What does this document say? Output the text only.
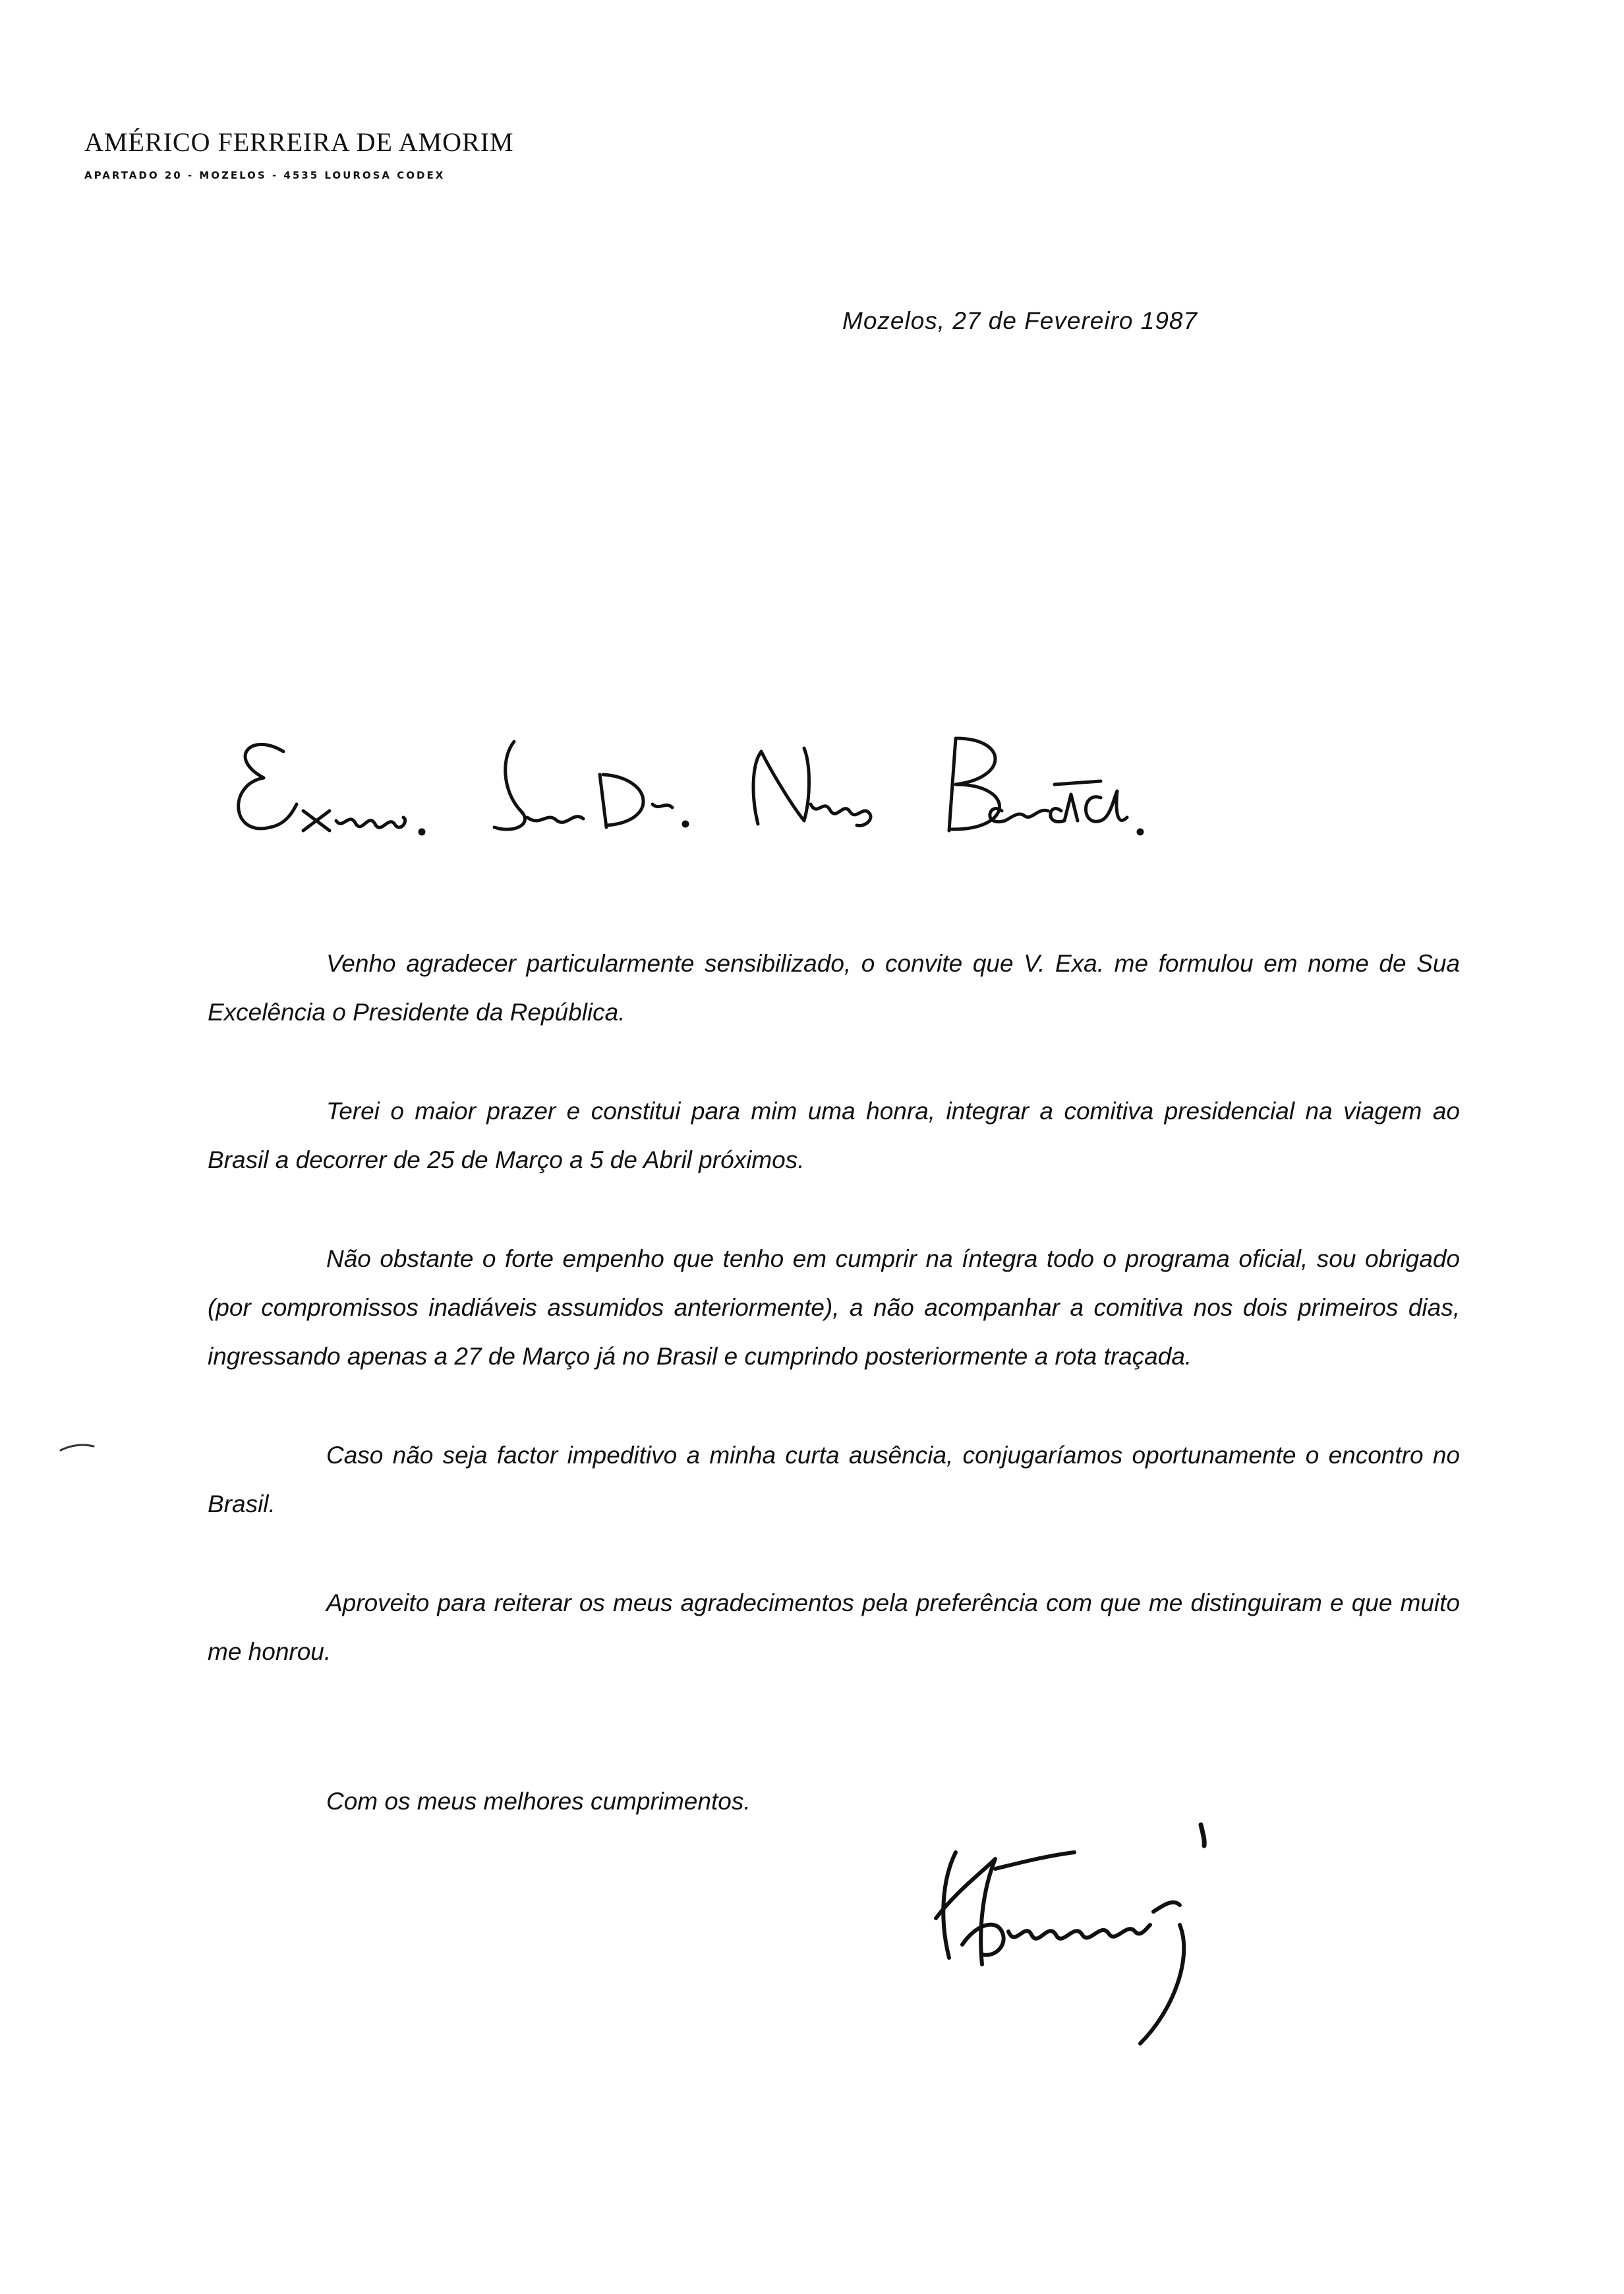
AMÉRICO FERREIRA DE AMORIM
APARTADO 20 - MOZELOS - 4535 LOUROSA CODEX
Mozelos, 27 de Fevereiro 1987

Venho agradecer particularmente sensibilizado, o convite que V. Exa. me formulou em nome de Sua Excelência o Presidente da República.

Terei o maior prazer e constitui para mim uma honra, integrar a comitiva presidencial na viagem ao Brasil a decorrer de 25 de Março a 5 de Abril próximos.

Não obstante o forte empenho que tenho em cumprir na íntegra todo o programa oficial, sou obrigado (por compromissos inadiáveis assumidos anteriormente), a não acompanhar a comitiva nos dois primeiros dias, ingressando apenas a 27 de Março já no Brasil e cumprindo posteriormente a rota traçada.

Caso não seja factor impeditivo a minha curta ausência, conjugaríamos oportunamente o encontro no Brasil.

Aproveito para reiterar os meus agradecimentos pela preferência com que me distinguiram e que muito me honrou.

Com os meus melhores cumprimentos.
